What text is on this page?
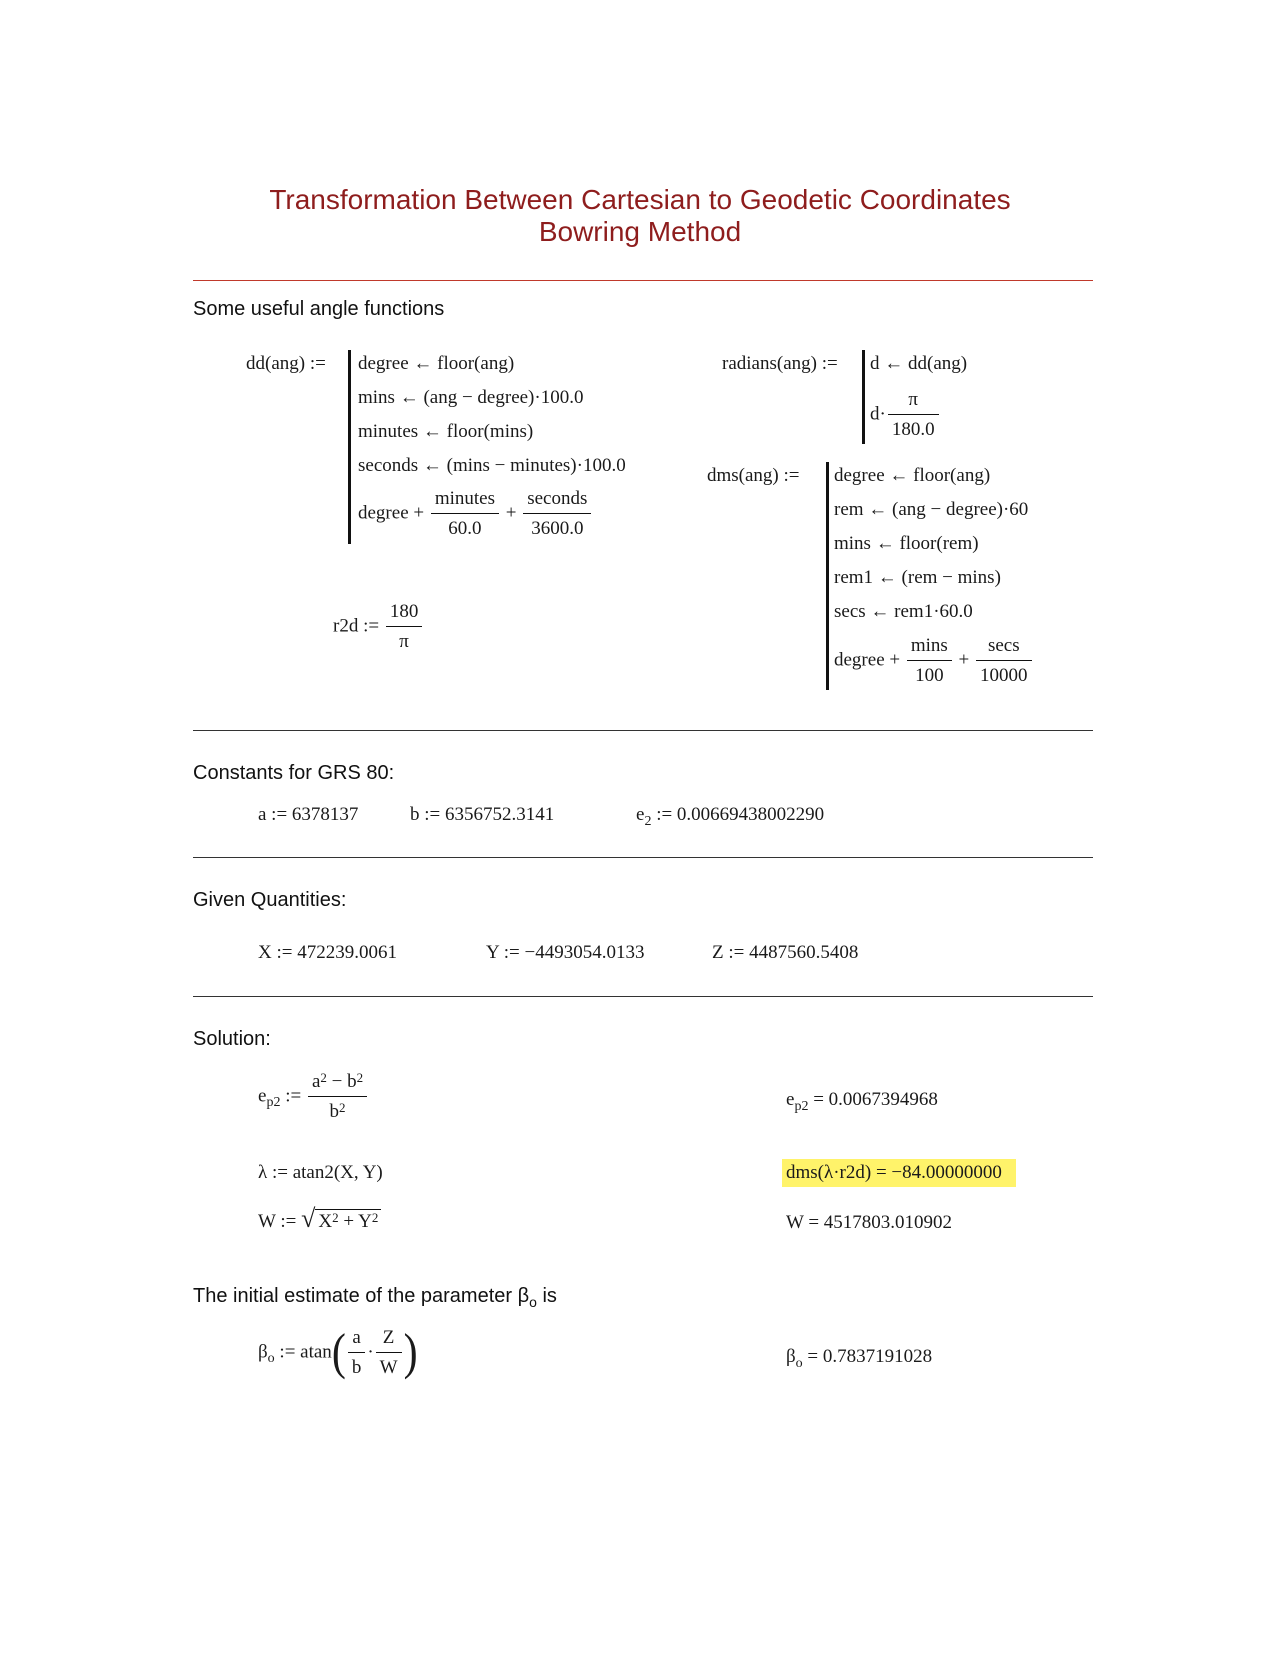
Transformation Between Cartesian to Geodetic Coordinates
Bowring Method
Some useful angle functions
dd(ang) := degree ← floor(ang)
mins ← (ang − degree)·100.0
minutes ← floor(mins)
seconds ← (mins − minutes)·100.0
degree + $\frac{\text{minutes}}{60.0} + \frac{\text{seconds}}{3600.0}$
r2d := $\frac{180}{\pi}$
radians(ang) := d ← dd(ang)
$d\cdot \frac{\pi}{180.0}$
dms(ang) := degree ← floor(ang)
rem ← (ang − degree)·60
mins ← floor(rem)
rem1 ← (rem − mins)
secs ← rem1·60.0
degree + $\frac{\min s}{100} + \frac{\sec s}{10000}$
Constants for GRS 80:
a := 6378137	b := 6356752.3141	$e_2$ := 0.00669438002290
Given Quantities:
X := 472239.0061	Y := −4493054.0133	Z := 4487560.5408
Solution:
$e_{p2}$ := $\frac{a^2 - b^2}{b^2}$	$e_{p2} = 0.0067394968$
λ := atan2(X, Y)	dms(λ·r2d) = −84.00000000
W := √ $X^2 + Y^2$	W = 4517803.010902
The initial estimate of the parameter $\beta_o$ is
$\beta_o$ := $atan( \frac{a}{b} \cdot \frac{Z}{W}$ )	$\beta_o = 0.7837191028$
